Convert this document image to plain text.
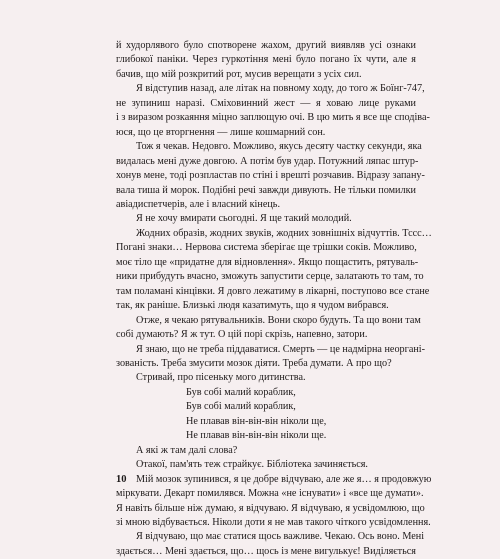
й худорлявого було спотворене жахом, другий виявляв усі ознаки
глибокої паніки. Через гуркотіння мені було погано їх чути, але я
бачив, що мій розкритий рот, мусив верещати з усіх сил.
Я відступив назад, але літак на повному ходу, до того ж Боїнг-747,
не зупиниш наразі. Сміховинний жест — я ховаю лице руками
і з виразом розкаяння міцно заплющую очі. В цю мить я все ще сподіва-
юся, що це вторгнення — лише кошмарний сон.
Тож я чекав. Недовго. Можливо, якусь десяту частку секунди, яка
видалась мені дуже довгою. А потім був удар. Потужний ляпас штур-
хонув мене, тоді розпластав по стіні і врешті розчавив. Відразу запану-
вала тиша й морок. Подібні речі завжди дивують. Не тільки помилки
авіадиспетчерів, але і власний кінець.
Я не хочу вмирати сьогодні. Я ще такий молодий.
Жодних образів, жодних звуків, жодних зовнішніх відчуттів. Тссс…
Погані знаки… Нервова система зберігає ще трішки соків. Можливо,
моє тіло ще «придатне для відновлення». Якщо пощастить, рятуваль-
ники прибудуть вчасно, зможуть запустити серце, залатають то там, то
там поламані кінцівки. Я довго лежатиму в лікарні, поступово все стане
так, як раніше. Близькі людя казатимуть, що я чудом вибрався.
Отже, я чекаю рятувальників. Вони скоро будуть. Та що вони там
собі думають? Я ж тут. О цій порі скрізь, напевно, затори.
Я знаю, що не треба піддаватися. Смерть — це надмірна неоргані-
зованість. Треба змусити мозок діяти. Треба думати. А про що?
Стривай, про пісеньку мого дитинства.
Був собі малий кораблик,
Був собі малий кораблик,
Не плавав він-він-він ніколи ще,
Не плавав він-він-він ніколи ще.
А які ж там далі слова?
Отакої, пам'ять теж страйкує. Бібліотека зачиняється.
Мій мозок зупинився, я це добре відчуваю, але же я… я продовжую
міркувати. Декарт помилявся. Можна «не існувати» і «все ще думати».
Я навіть більше ніж думаю, я відчуваю. Я відчуваю, я усвідомлюю, що
зі мною відбувається. Ніколи доти я не мав такого чіткого усвідомлення.
Я відчуваю, що має статися щось важливе. Чекаю. Ось воно. Мені
здається… Мені здається, що… щось із мене вигулькує! Виділяється
10
